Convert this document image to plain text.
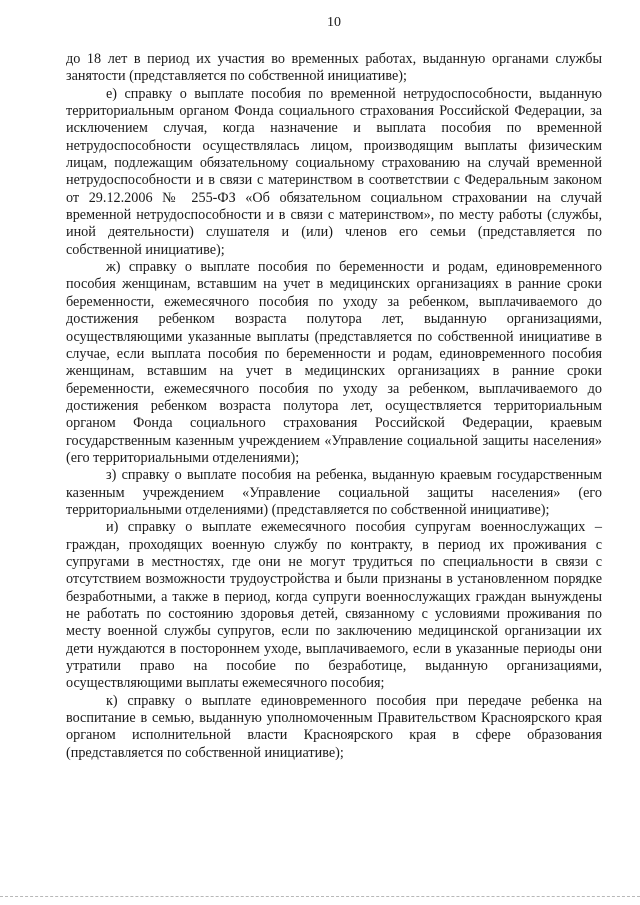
10

до 18 лет в период их участия во временных работах, выданную органами службы занятости (представляется по собственной инициативе);

е) справку о выплате пособия по временной нетрудоспособности, выданную территориальным органом Фонда социального страхования Российской Федерации, за исключением случая, когда назначение и выплата пособия по временной нетрудоспособности осуществлялась лицом, производящим выплаты физическим лицам, подлежащим обязательному социальному страхованию на случай временной нетрудоспособности и в связи с материнством в соответствии с Федеральным законом от 29.12.2006 № 255-ФЗ «Об обязательном социальном страховании на случай временной нетрудоспособности и в связи с материнством», по месту работы (службы, иной деятельности) слушателя и (или) членов его семьи (представляется по собственной инициативе);

ж) справку о выплате пособия по беременности и родам, единовременного пособия женщинам, вставшим на учет в медицинских организациях в ранние сроки беременности, ежемесячного пособия по уходу за ребенком, выплачиваемого до достижения ребенком возраста полутора лет, выданную организациями, осуществляющими указанные выплаты (представляется по собственной инициативе в случае, если выплата пособия по беременности и родам, единовременного пособия женщинам, вставшим на учет в медицинских организациях в ранние сроки беременности, ежемесячного пособия по уходу за ребенком, выплачиваемого до достижения ребенком возраста полутора лет, осуществляется территориальным органом Фонда социального страхования Российской Федерации, краевым государственным казенным учреждением «Управление социальной защиты населения» (его территориальными отделениями);

з) справку о выплате пособия на ребенка, выданную краевым государственным казенным учреждением «Управление социальной защиты населения» (его территориальными отделениями) (представляется по собственной инициативе);

и) справку о выплате ежемесячного пособия супругам военнослужащих – граждан, проходящих военную службу по контракту, в период их проживания с супругами в местностях, где они не могут трудиться по специальности в связи с отсутствием возможности трудоустройства и были признаны в установленном порядке безработными, а также в период, когда супруги военнослужащих граждан вынуждены не работать по состоянию здоровья детей, связанному с условиями проживания по месту военной службы супругов, если по заключению медицинской организации их дети нуждаются в постороннем уходе, выплачиваемого, если в указанные периоды они утратили право на пособие по безработице, выданную организациями, осуществляющими выплаты ежемесячного пособия;

к) справку о выплате единовременного пособия при передаче ребенка на воспитание в семью, выданную уполномоченным Правительством Красноярского края органом исполнительной власти Красноярского края в сфере образования (представляется по собственной инициативе);
